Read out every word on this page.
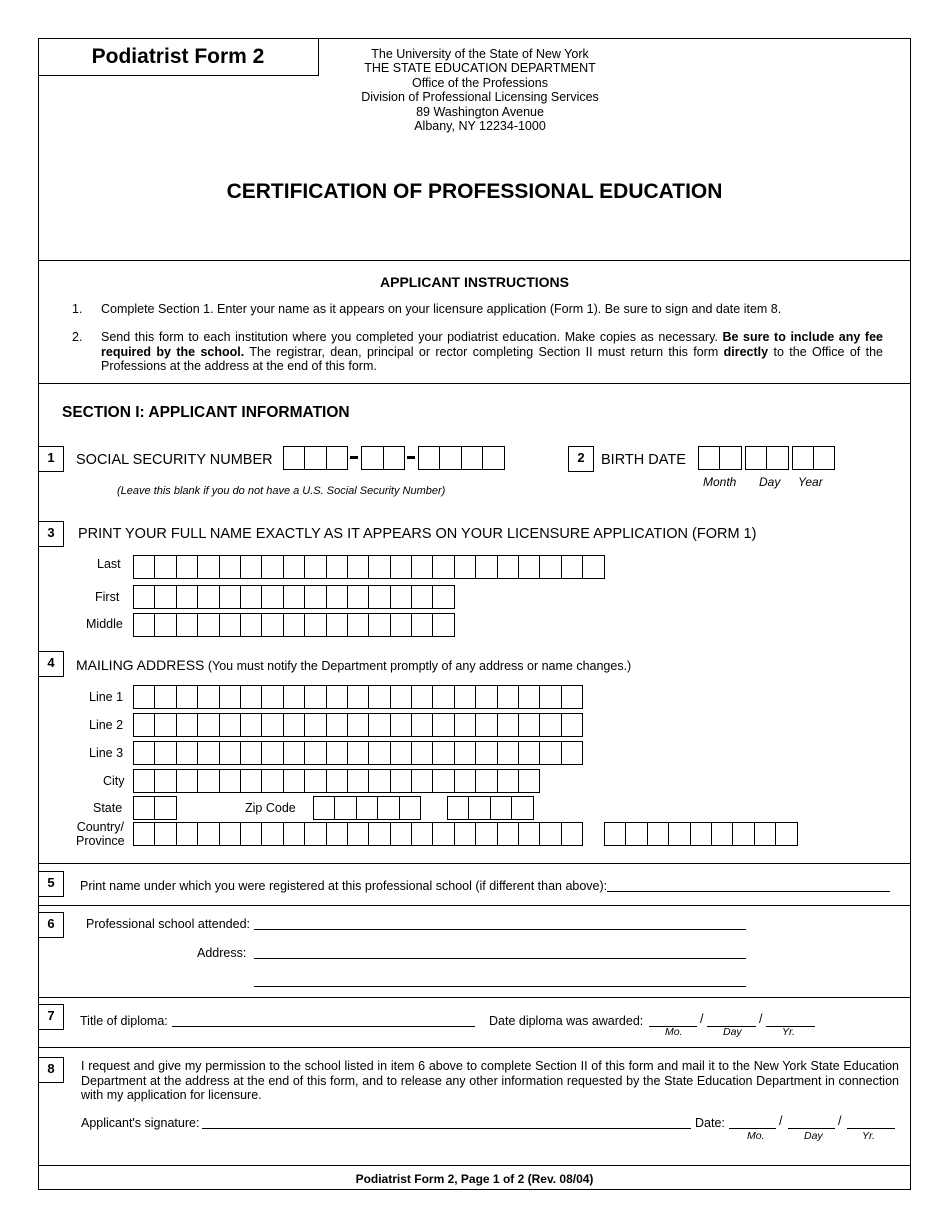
Podiatrist Form 2	The University of the State of New York
THE STATE EDUCATION DEPARTMENT
Office of the Professions
Division of Professional Licensing Services
89 Washington Avenue
Albany, NY 12234-1000
CERTIFICATION OF PROFESSIONAL EDUCATION
APPLICANT INSTRUCTIONS
1. Complete Section 1. Enter your name as it appears on your licensure application (Form 1). Be sure to sign and date item 8.
2. Send this form to each institution where you completed your podiatrist education. Make copies as necessary. Be sure to include any fee required by the school. The registrar, dean, principal or rector completing Section II must return this form directly to the Office of the Professions at the address at the end of this form.
SECTION I: APPLICANT INFORMATION
1	SOCIAL SECURITY NUMBER
(Leave this blank if you do not have a U.S. Social Security Number)
2	BIRTH DATE
Month Day Year
3	PRINT YOUR FULL NAME EXACTLY AS IT APPEARS ON YOUR LICENSURE APPLICATION (FORM 1)
Last
First
Middle
4	MAILING ADDRESS (You must notify the Department promptly of any address or name changes.)
Line 1
Line 2
Line 3
City
State	Zip Code
Country/
Province
5	Print name under which you were registered at this professional school (if different than above):
6	Professional school attended:
Address:
7	Title of diploma:	Date diploma was awarded:	/	/
Mo.	Day	Yr.
8	I request and give my permission to the school listed in item 6 above to complete Section II of this form and mail it to the New York State Education Department at the address at the end of this form, and to release any other information requested by the State Education Department in connection with my application for licensure.
Applicant's signature:	Date:	/	/
Mo.	Day	Yr.
Podiatrist Form 2, Page 1 of 2 (Rev. 08/04)
